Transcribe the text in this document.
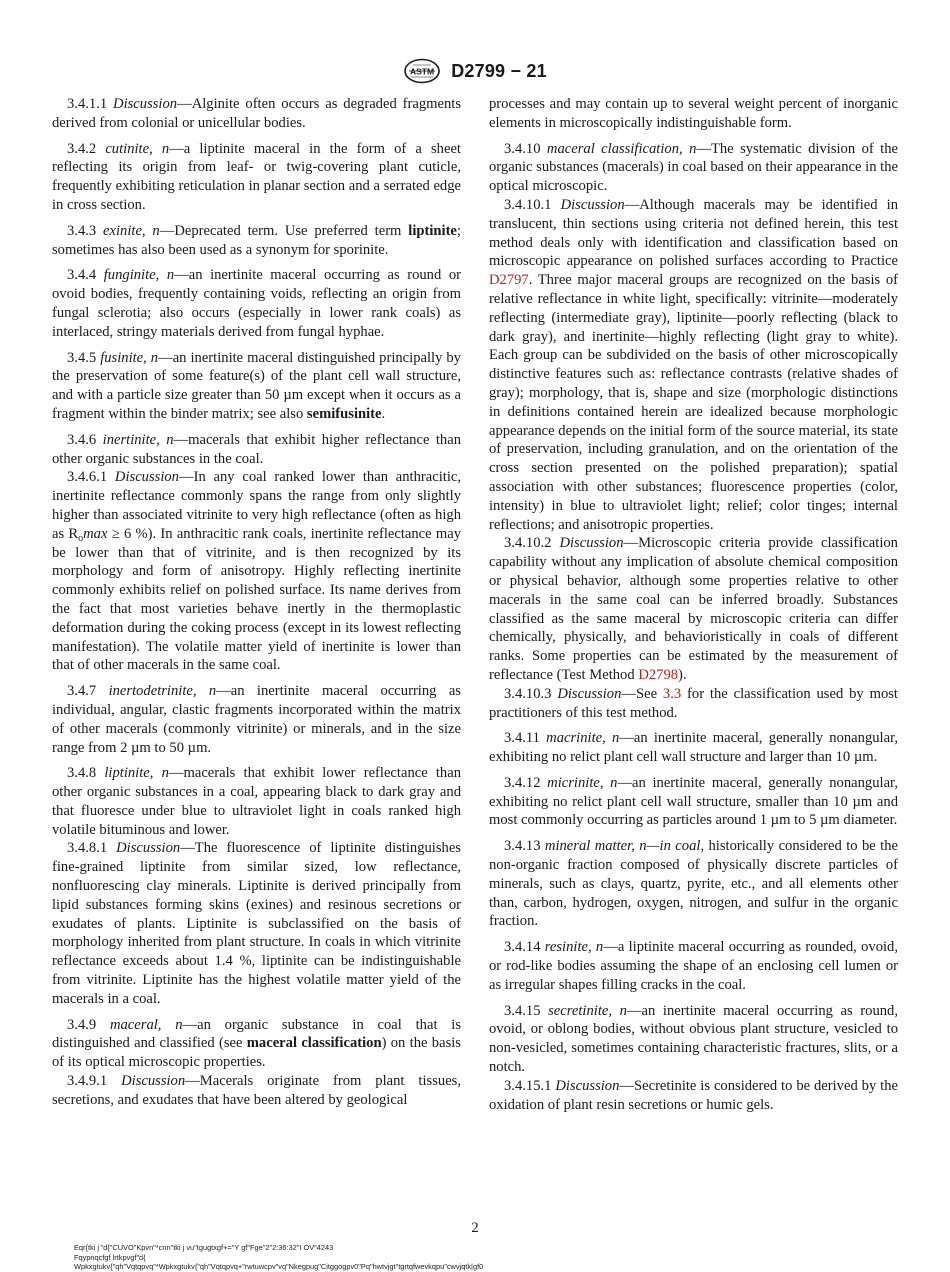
ASTM D2799 − 21

3.4.1.1 Discussion—Alginite often occurs as degraded fragments derived from colonial or unicellular bodies.

3.4.2 cutinite, n—a liptinite maceral in the form of a sheet reflecting its origin from leaf- or twig-covering plant cuticle, frequently exhibiting reticulation in planar section and a serrated edge in cross section.

3.4.3 exinite, n—Deprecated term. Use preferred term liptinite; sometimes has also been used as a synonym for sporinite.

3.4.4 funginite, n—an inertinite maceral occurring as round or ovoid bodies, frequently containing voids, reflecting an origin from fungal sclerotia; also occurs (especially in lower rank coals) as interlaced, stringy materials derived from fungal hyphae.

3.4.5 fusinite, n—an inertinite maceral distinguished principally by the preservation of some feature(s) of the plant cell wall structure, and with a particle size greater than 50 µm except when it occurs as a fragment within the binder matrix; see also semifusinite.

3.4.6 inertinite, n—macerals that exhibit higher reflectance than other organic substances in the coal.

3.4.6.1 Discussion—In any coal ranked lower than anthracitic, inertinite reflectance commonly spans the range from only slightly higher than associated vitrinite to very high reflectance (often as high as $R_o\max \ge 6$ %). In anthracitic rank coals, inertinite reflectance may be lower than that of vitrinite, and is then recognized by its morphology and form of anisotropy. Highly reflecting inertinite commonly exhibits relief on polished surface. Its name derives from the fact that most varieties behave inertly in the thermoplastic deformation during the coking process (except in its lowest reflecting manifestation). The volatile matter yield of inertinite is lower than that of other macerals in the same coal.

3.4.7 inertodetrinite, n—an inertinite maceral occurring as individual, angular, clastic fragments incorporated within the matrix of other macerals (commonly vitrinite) or minerals, and in the size range from 2 µm to 50 µm.

3.4.8 liptinite, n—macerals that exhibit lower reflectance than other organic substances in a coal, appearing black to dark gray and that fluoresce under blue to ultraviolet light in coals ranked high volatile bituminous and lower.

3.4.8.1 Discussion—The fluorescence of liptinite distinguishes fine-grained liptinite from similar sized, low reflectance, nonfluorescing clay minerals. Liptinite is derived principally from lipid substances forming skins (exines) and resinous secretions or exudates of plants. Liptinite is subclassified on the basis of morphology inherited from plant structure. In coals in which vitrinite reflectance exceeds about 1.4 %, liptinite can be indistinguishable from vitrinite. Liptinite has the highest volatile matter yield of the macerals in a coal.

3.4.9 maceral, n—an organic substance in coal that is distinguished and classified (see maceral classification) on the basis of its optical microscopic properties.

3.4.9.1 Discussion—Macerals originate from plant tissues, secretions, and exudates that have been altered by geological

processes and may contain up to several weight percent of inorganic elements in microscopically indistinguishable form.

3.4.10 maceral classification, n—The systematic division of the organic substances (macerals) in coal based on their appearance in the optical microscopic.

3.4.10.1 Discussion—Although macerals may be identified in translucent, thin sections using criteria not defined herein, this test method deals only with identification and classification based on microscopic appearance on polished surfaces according to Practice D2797. Three major maceral groups are recognized on the basis of relative reflectance in white light, specifically: vitrinite—moderately reflecting (intermediate gray), liptinite—poorly reflecting (black to dark gray), and inertinite—highly reflecting (light gray to white). Each group can be subdivided on the basis of other microscopically distinctive features such as: reflectance contrasts (relative shades of gray); morphology, that is, shape and size (morphologic distinctions in definitions contained herein are idealized because morphologic appearance depends on the initial form of the source material, its state of preservation, including granulation, and on the orientation of the cross section presented on the polished preparation); spatial association with other substances; fluorescence properties (color, intensity) in blue to ultraviolet light; relief; color tinges; internal reflections; and anisotropic properties.

3.4.10.2 Discussion—Microscopic criteria provide classification capability without any implication of absolute chemical composition or physical behavior, although some properties relative to other macerals in the same coal can be inferred broadly. Substances classified as the same maceral by microscopic criteria can differ chemically, physically, and behavioristically in coals of different ranks. Some properties can be estimated by the measurement of reflectance (Test Method D2798).

3.4.10.3 Discussion—See 3.3 for the classification used by most practitioners of this test method.

3.4.11 macrinite, n—an inertinite maceral, generally nonangular, exhibiting no relict plant cell wall structure and larger than 10 µm.

3.4.12 micrinite, n—an inertinite maceral, generally nonangular, exhibiting no relict plant cell wall structure, smaller than 10 µm and most commonly occurring as particles around 1 µm to 5 µm diameter.

3.4.13 mineral matter, n—in coal, historically considered to be the non-organic fraction composed of physically discrete particles of minerals, such as clays, quartz, pyrite, etc., and all elements other than, carbon, hydrogen, oxygen, nitrogen, and sulfur in the organic fraction.

3.4.14 resinite, n—a liptinite maceral occurring as rounded, ovoid, or rod-like bodies assuming the shape of an enclosing cell lumen or as irregular shapes filling cracks in the coal.

3.4.15 secretinite, n—an inertinite maceral occurring as round, ovoid, or oblong bodies, without obvious plant structure, vesicled to non-vesicled, sometimes containing characteristic fractures, slits, or a notch.

3.4.15.1 Discussion—Secretinite is considered to be derived by the oxidation of plant resin secretions or humic gels.

2
Eqr{tki j "d{"CUVO"Kpvn"*cnn"tki j vu"tgugtxgf+="Y gf"Fge"2"2:36:32"I OV"4243
Fqypnqcfgf lrtkpvgf"d{
Wpkxgtukv{"qh"Vqtqpvq"*Wpkxgtukv{"qh"Vqtqpvq+"rwtuwcpv"vq"Nkegpug"Citggogpv0"Pq"hwtvjgt"tgrtqfwevkqpu"cwvjqtk|gf0
